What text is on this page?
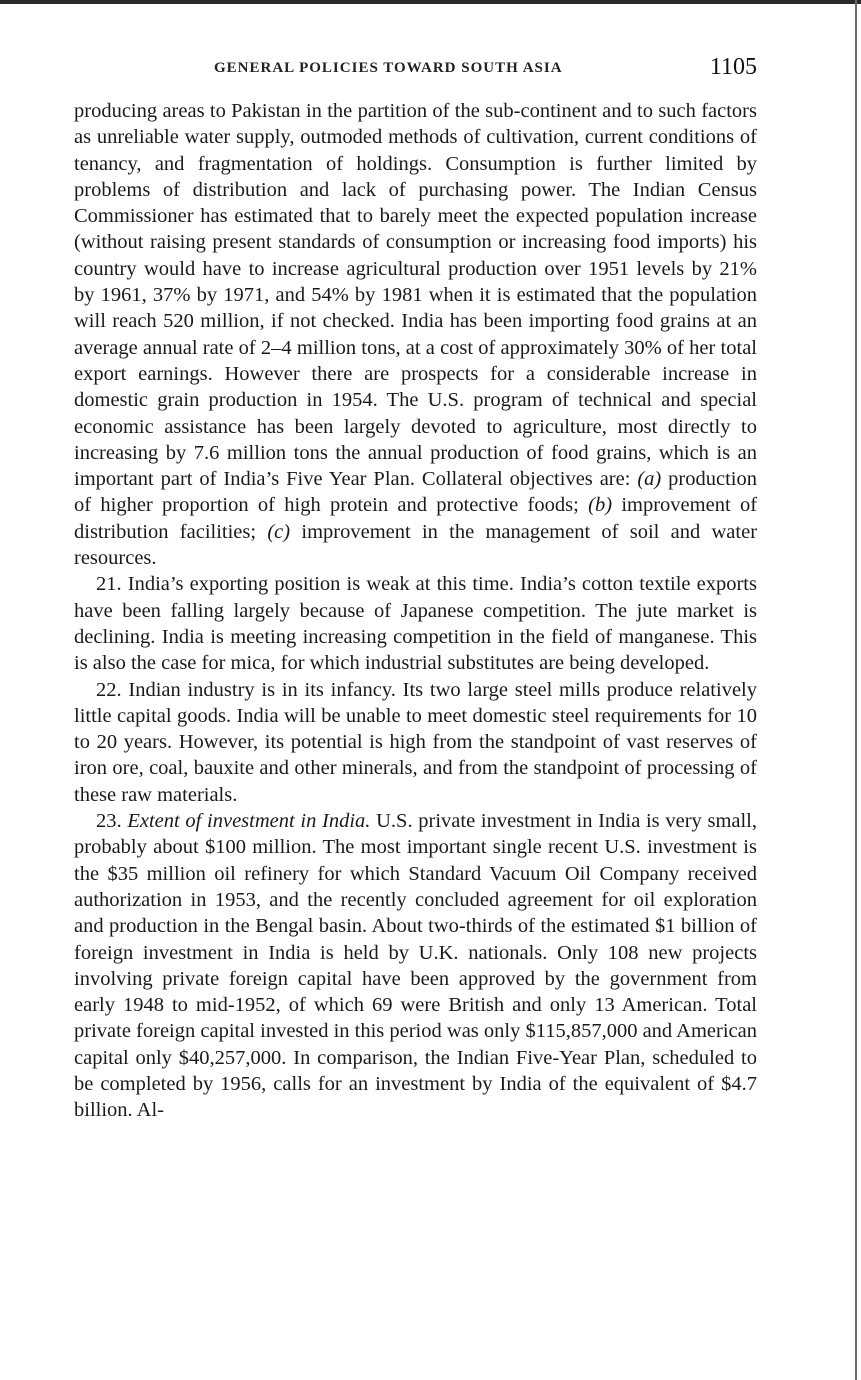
GENERAL POLICIES TOWARD SOUTH ASIA	1105

producing areas to Pakistan in the partition of the sub-continent and to such factors as unreliable water supply, outmoded methods of cultivation, current conditions of tenancy, and fragmentation of holdings. Consumption is further limited by problems of distribution and lack of purchasing power. The Indian Census Commissioner has estimated that to barely meet the expected population increase (without raising present standards of consumption or increasing food imports) his country would have to increase agricultural production over 1951 levels by 21% by 1961, 37% by 1971, and 54% by 1981 when it is estimated that the population will reach 520 million, if not checked. India has been importing food grains at an average annual rate of 2–4 million tons, at a cost of approximately 30% of her total export earnings. However there are prospects for a considerable increase in domestic grain production in 1954. The U.S. program of technical and special economic assistance has been largely devoted to agriculture, most directly to increasing by 7.6 million tons the annual production of food grains, which is an important part of India’s Five Year Plan. Collateral objectives are: (a) production of higher proportion of high protein and protective foods; (b) improvement of distribution facilities; (c) improvement in the management of soil and water resources.

21. India’s exporting position is weak at this time. India’s cotton textile exports have been falling largely because of Japanese competition. The jute market is declining. India is meeting increasing competition in the field of manganese. This is also the case for mica, for which industrial substitutes are being developed.

22. Indian industry is in its infancy. Its two large steel mills produce relatively little capital goods. India will be unable to meet domestic steel requirements for 10 to 20 years. However, its potential is high from the standpoint of vast reserves of iron ore, coal, bauxite and other minerals, and from the standpoint of processing of these raw materials.

23. Extent of investment in India. U.S. private investment in India is very small, probably about $100 million. The most important single recent U.S. investment is the $35 million oil refinery for which Standard Vacuum Oil Company received authorization in 1953, and the recently concluded agreement for oil exploration and production in the Bengal basin. About two-thirds of the estimated $1 billion of foreign investment in India is held by U.K. nationals. Only 108 new projects involving private foreign capital have been approved by the government from early 1948 to mid-1952, of which 69 were British and only 13 American. Total private foreign capital invested in this period was only $115,857,000 and American capital only $40,257,000. In comparison, the Indian Five-Year Plan, scheduled to be completed by 1956, calls for an investment by India of the equivalent of $4.7 billion. Al-
